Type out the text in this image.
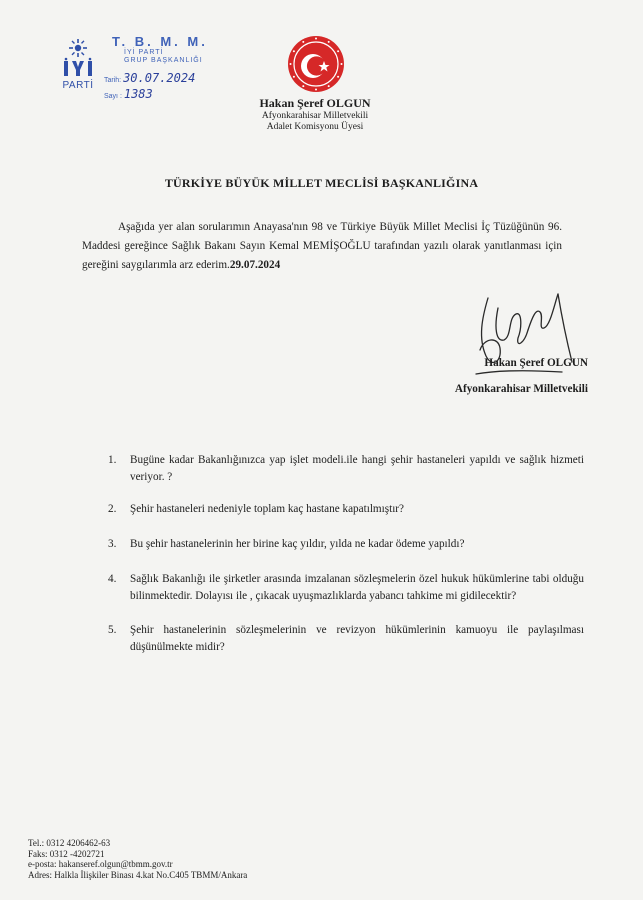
PARTİ
T. B. M. M.
İYİ PARTİ
GRUP BAŞKANLIĞI
Tarih: 30.07.2024
Sayı : 1383
Hakan Şeref OLGUN
Afyonkarahisar Milletvekili
Adalet Komisyonu Üyesi
TÜRKİYE BÜYÜK MİLLET MECLİSİ BAŞKANLIĞINA

Aşağıda yer alan sorularımın Anayasa'nın 98 ve Türkiye Büyük Millet Meclisi İç Tüzüğünün 96. Maddesi gereğince Sağlık Bakanı Sayın Kemal MEMİŞOĞLU tarafından yazılı olarak yanıtlanması için gereğini saygılarımla arz ederim.29.07.2024

Hakan Şeref OLGUN
Afyonkarahisar Milletvekili
1. Bugüne kadar Bakanlığınızca yap işlet modeli.ile hangi şehir hastaneleri yapıldı ve sağlık hizmeti veriyor. ?
2. Şehir hastaneleri nedeniyle toplam kaç hastane kapatılmıştır?
3. Bu şehir hastanelerinin her birine kaç yıldır, yılda ne kadar ödeme yapıldı?
4. Sağlık Bakanlığı ile şirketler arasında imzalanan sözleşmelerin özel hukuk hükümlerine tabi olduğu bilinmektedir. Dolayısı ile , çıkacak uyuşmazlıklarda yabancı tahkime mi gidilecektir?
5. Şehir hastanelerinin sözleşmelerinin ve revizyon hükümlerinin kamuoyu ile paylaşılması düşünülmekte midir?
Tel.: 0312 4206462-63
Faks: 0312 -4202721
e-posta: hakanseref.olgun@tbmm.gov.tr
Adres: Halkla İlişkiler Binası 4.kat No.C405 TBMM/Ankara
